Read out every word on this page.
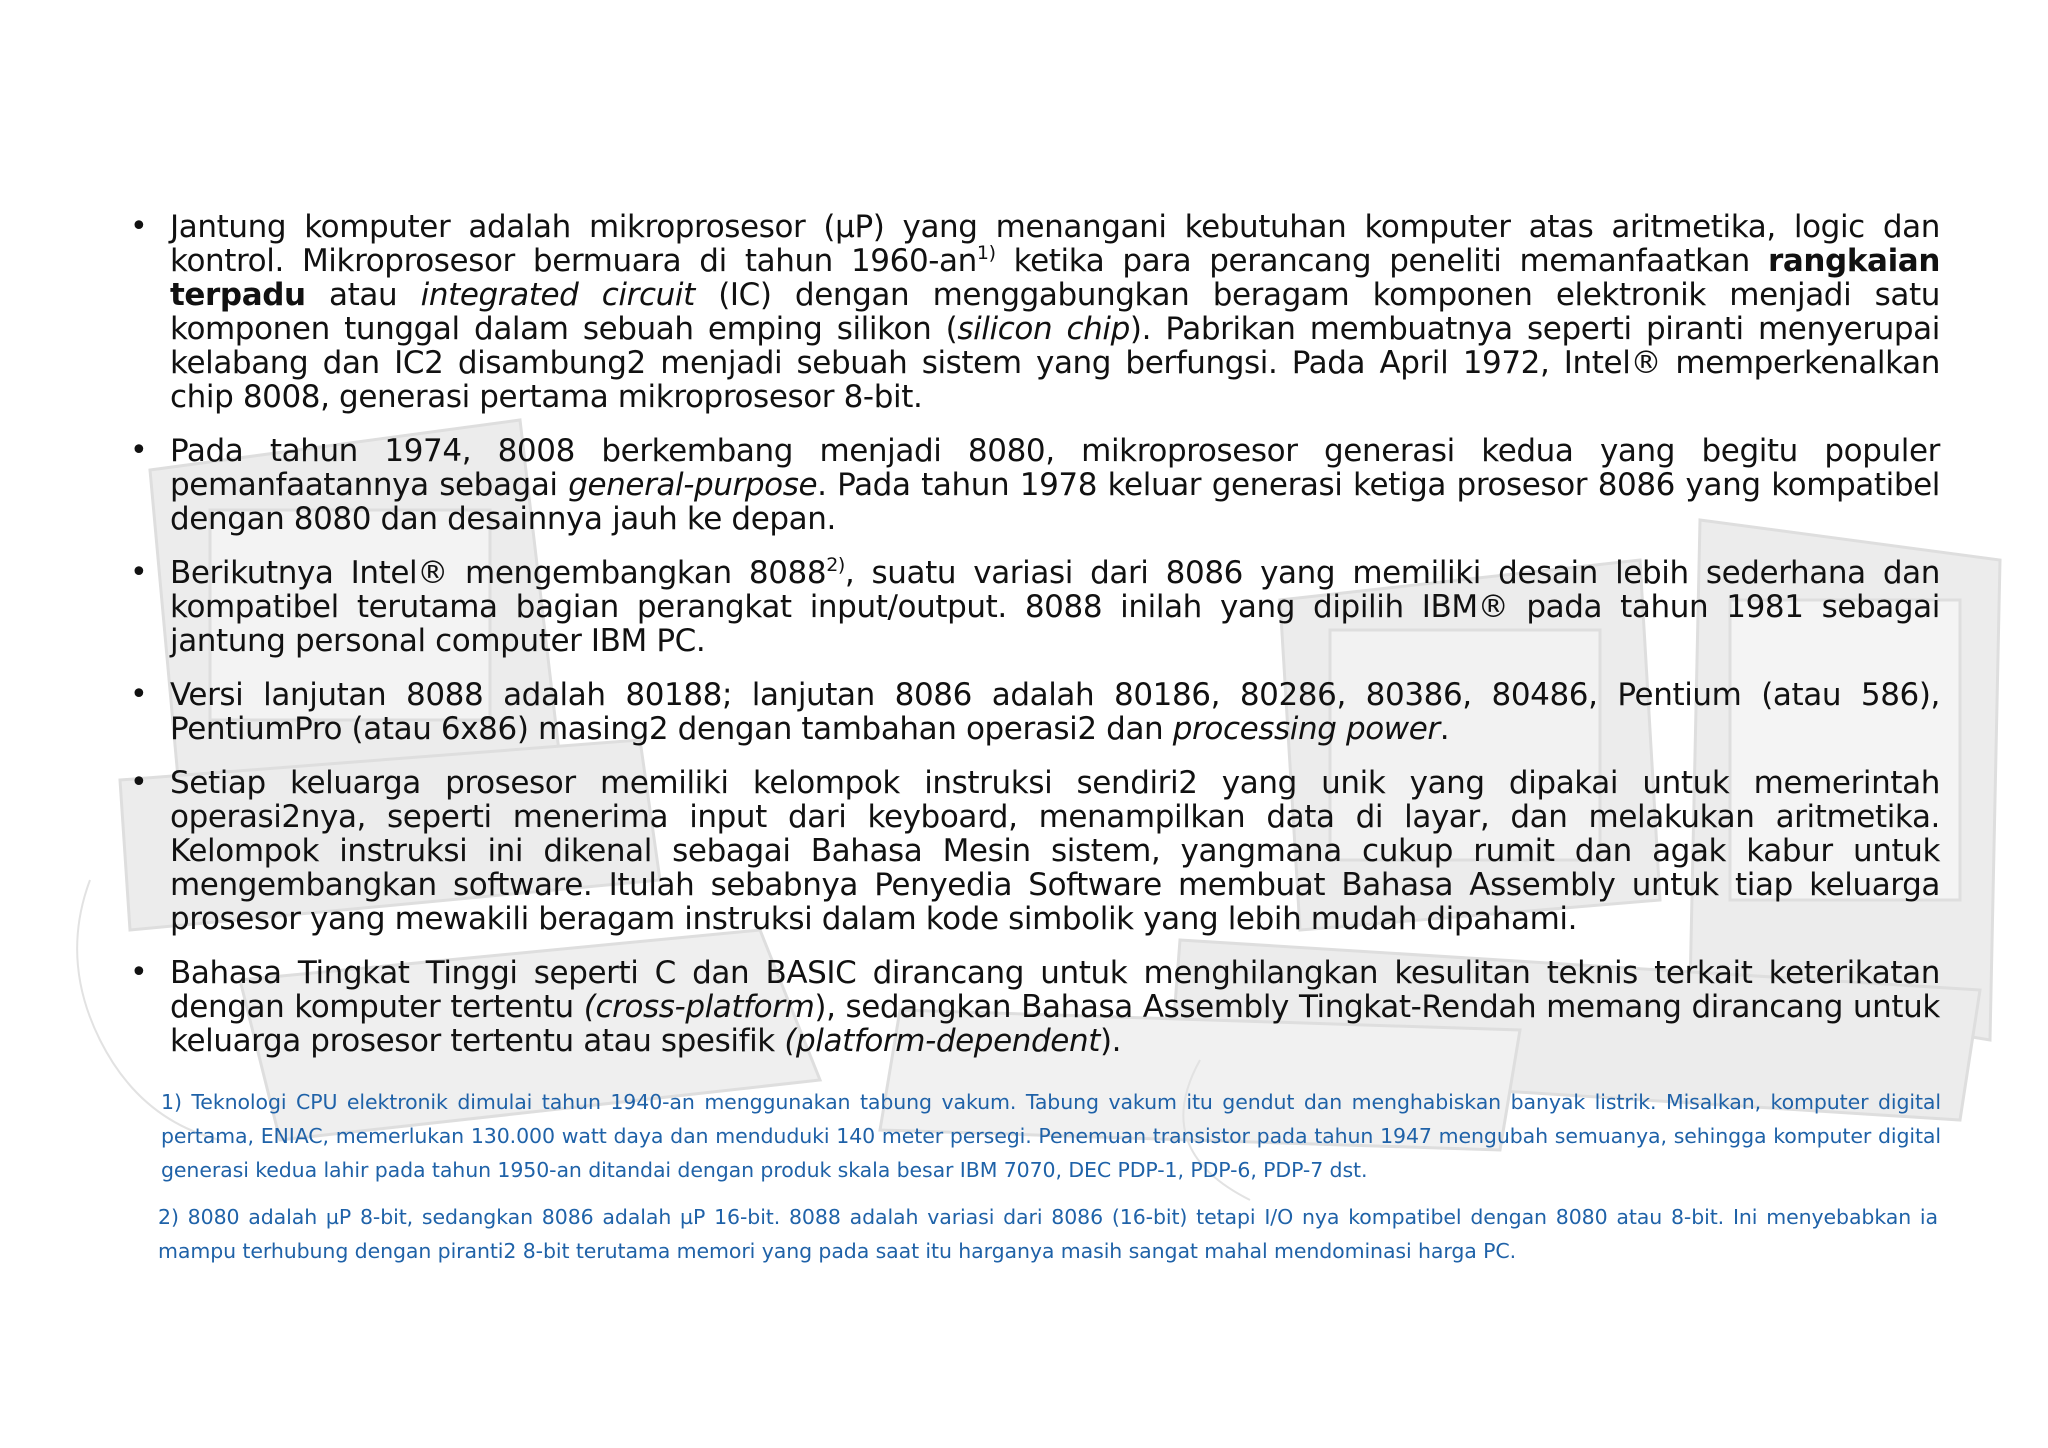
• Jantung komputer adalah mikroprosesor (µP) yang menangani kebutuhan komputer atas aritmetika, logic dan kontrol. Mikroprosesor bermuara di tahun $1960-an^{1)}$ ketika para perancang peneliti memanfaatkan rangkaian terpadu atau integrated circuit (IC) dengan menggabungkan beragam komponen elektronik menjadi satu komponen tunggal dalam sebuah emping silikon (silicon chip). Pabrikan membuatnya seperti piranti menyerupai kelabang dan IC2 disambung2 menjadi sebuah sistem yang berfungsi. Pada April 1972, Intel® memperkenalkan chip 8008, generasi pertama mikroprosesor 8-bit.
• Pada tahun 1974, 8008 berkembang menjadi 8080, mikroprosesor generasi kedua yang begitu populer pemanfaatannya sebagai general-purpose. Pada tahun 1978 keluar generasi ketiga prosesor 8086 yang kompatibel dengan 8080 dan desainnya jauh ke depan.
• Berikutnya Intel® mengembangkan 8088$^{2)}$, suatu variasi dari 8086 yang memiliki desain lebih sederhana dan kompatibel terutama bagian perangkat input/output. 8088 inilah yang dipilih IBM® pada tahun 1981 sebagai jantung personal computer IBM PC.
• Versi lanjutan 8088 adalah 80188; lanjutan 8086 adalah 80186, 80286, 80386, 80486, Pentium (atau 586), PentiumPro (atau 6x86) masing2 dengan tambahan operasi2 dan processing power.
• Setiap keluarga prosesor memiliki kelompok instruksi sendiri2 yang unik yang dipakai untuk memerintah operasi2nya, seperti menerima input dari keyboard, menampilkan data di layar, dan melakukan aritmetika. Kelompok instruksi ini dikenal sebagai Bahasa Mesin sistem, yangmana cukup rumit dan agak kabur untuk mengembangkan software. Itulah sebabnya Penyedia Software membuat Bahasa Assembly untuk tiap keluarga prosesor yang mewakili beragam instruksi dalam kode simbolik yang lebih mudah dipahami.
• Bahasa Tingkat Tinggi seperti C dan BASIC dirancang untuk menghilangkan kesulitan teknis terkait keterikatan dengan komputer tertentu (cross-platform), sedangkan Bahasa Assembly Tingkat-Rendah memang dirancang untuk keluarga prosesor tertentu atau spesifik (platform-dependent).
1) Teknologi CPU elektronik dimulai tahun 1940-an menggunakan tabung vakum. Tabung vakum itu gendut dan menghabiskan banyak listrik. Misalkan, komputer digital pertama, ENIAC, memerlukan 130.000 watt daya dan menduduki 140 meter persegi. Penemuan transistor pada tahun 1947 mengubah semuanya, sehingga komputer digital generasi kedua lahir pada tahun 1950-an ditandai dengan produk skala besar IBM 7070, DEC PDP-1, PDP-6, PDP-7 dst.
2) 8080 adalah µP 8-bit, sedangkan 8086 adalah µP 16-bit. 8088 adalah variasi dari 8086 (16-bit) tetapi I/O nya kompatibel dengan 8080 atau 8-bit. Ini menyebabkan ia mampu terhubung dengan piranti2 8-bit terutama memori yang pada saat itu harganya masih sangat mahal mendominasi harga PC.
